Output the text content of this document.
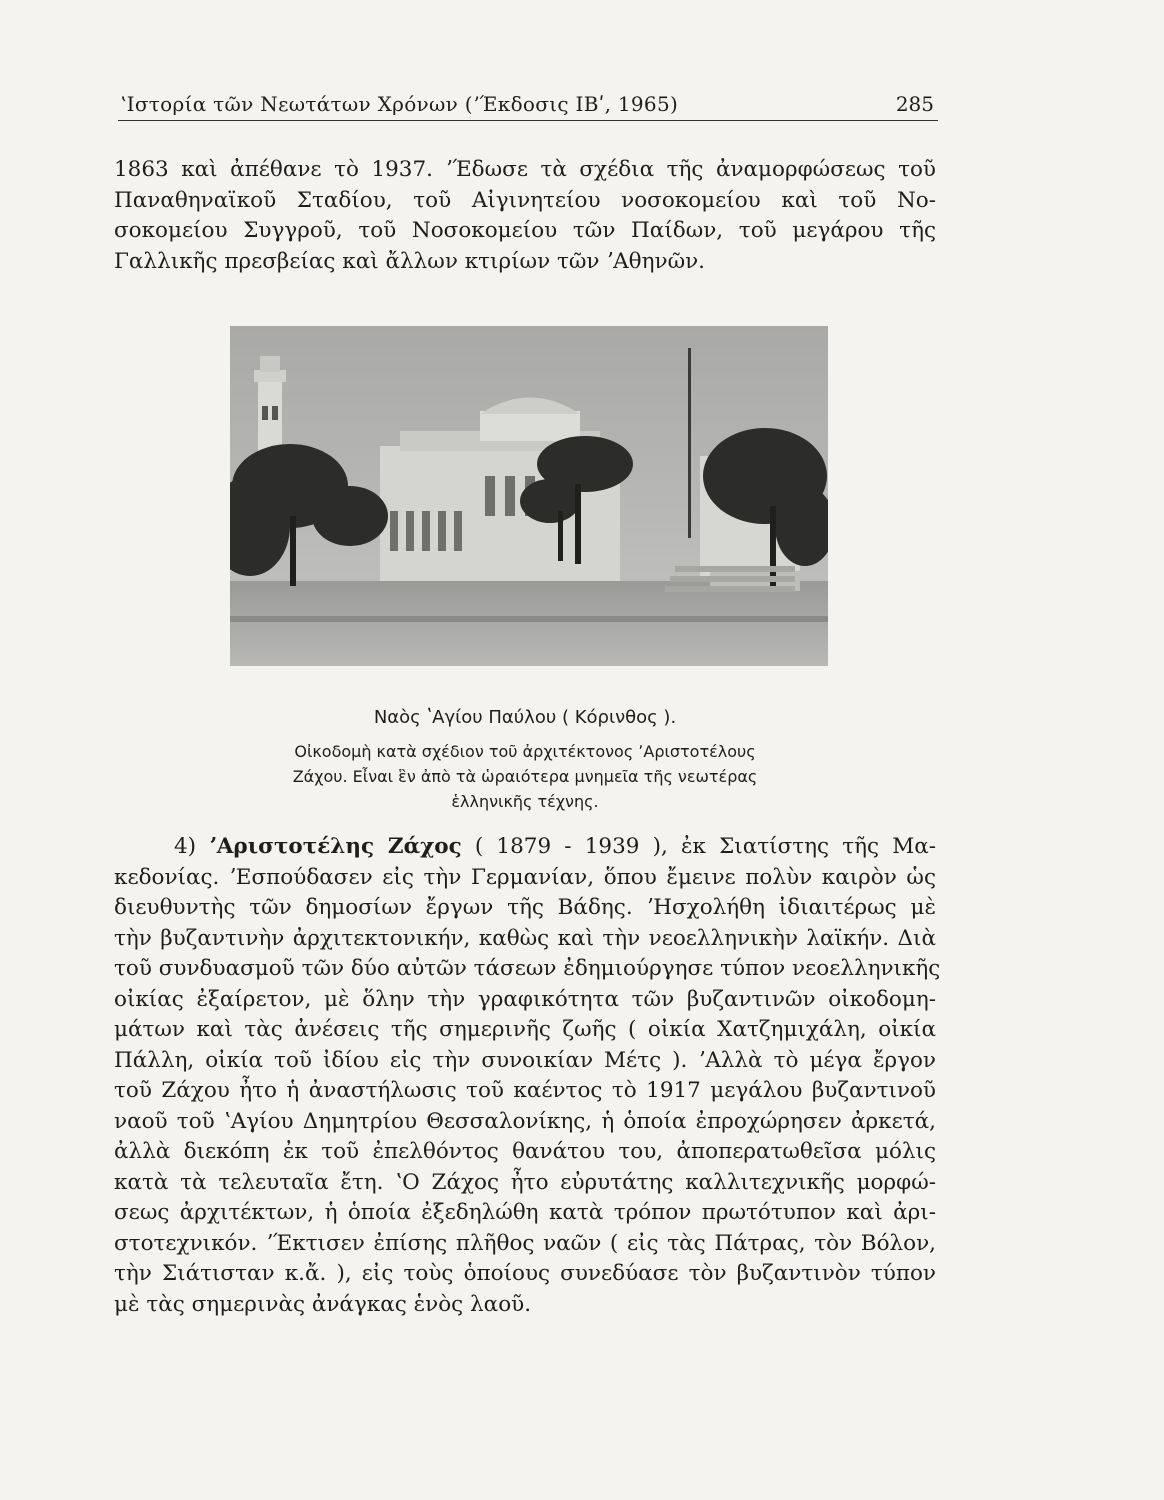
ʽΙστορία τῶν Νεωτάτων Χρόνων (ʼΈκδοσις ΙΒʹ, 1965)	285
1863 καὶ ἀπέθανε τὸ 1937. ʼΈδωσε τὰ σχέδια τῆς ἀναμορφώσεως τοῦ
Παναθηναϊκοῦ Σταδίου, τοῦ Αἰγινητείου νοσοκομείου καὶ τοῦ Νο-
σοκομείου Συγγροῦ, τοῦ Νοσοκομείου τῶν Παίδων, τοῦ μεγάρου τῆς
Γαλλικῆς πρεσβείας καὶ ἄλλων κτιρίων τῶν ʼΑθηνῶν.
Ναὸς ʽΑγίου Παύλου ( Κόρινθος ).
Οἰκοδομὴ κατὰ σχέδιον τοῦ ἀρχιτέκτονος ʼΑριστοτέλους
Ζάχου. Εἶναι ἓν ἀπὸ τὰ ὡραιότερα μνημεῖα τῆς νεωτέρας
ἑλληνικῆς τέχνης.
4) ʼΑριστοτέλης Ζάχος ( 1879 - 1939 ), ἐκ Σιατίστης τῆς Μα-
κεδονίας. ʼΕσπούδασεν εἰς τὴν Γερμανίαν, ὅπου ἔμεινε πολὺν καιρὸν ὡς
διευθυντὴς τῶν δημοσίων ἔργων τῆς Βάδης. ʼΗσχολήθη ἰδιαιτέρως μὲ
τὴν βυζαντινὴν ἀρχιτεκτονικήν, καθὼς καὶ τὴν νεοελληνικὴν λαϊκήν. Διὰ
τοῦ συνδυασμοῦ τῶν δύο αὐτῶν τάσεων ἐδημιούργησε τύπον νεοελληνικῆς
οἰκίας ἐξαίρετον, μὲ ὅλην τὴν γραφικότητα τῶν βυζαντινῶν οἰκοδομη-
μάτων καὶ τὰς ἀνέσεις τῆς σημερινῆς ζωῆς ( οἰκία Χατζημιχάλη, οἰκία
Πάλλη, οἰκία τοῦ ἰδίου εἰς τὴν συνοικίαν Μέτς ). ʼΑλλὰ τὸ μέγα ἔργον
τοῦ Ζάχου ἦτο ἡ ἀναστήλωσις τοῦ καέντος τὸ 1917 μεγάλου βυζαντινοῦ
ναοῦ τοῦ ʽΑγίου Δημητρίου Θεσσαλονίκης, ἡ ὁποία ἐπροχώρησεν ἀρκετά,
ἀλλὰ διεκόπη ἐκ τοῦ ἐπελθόντος θανάτου του, ἀποπερατωθεῖσα μόλις
κατὰ τὰ τελευταῖα ἔτη. ʽΟ Ζάχος ἦτο εὐρυτάτης καλλιτεχνικῆς μορφώ-
σεως ἀρχιτέκτων, ἡ ὁποία ἐξεδηλώθη κατὰ τρόπον πρωτότυπον καὶ ἀρι-
στοτεχνικόν. ʼΈκτισεν ἐπίσης πλῆθος ναῶν ( εἰς τὰς Πάτρας, τὸν Βόλον,
τὴν Σιάτισταν κ.ἄ. ), εἰς τοὺς ὁποίους συνεδύασε τὸν βυζαντινὸν τύπον
μὲ τὰς σημερινὰς ἀνάγκας ἑνὸς λαοῦ.
